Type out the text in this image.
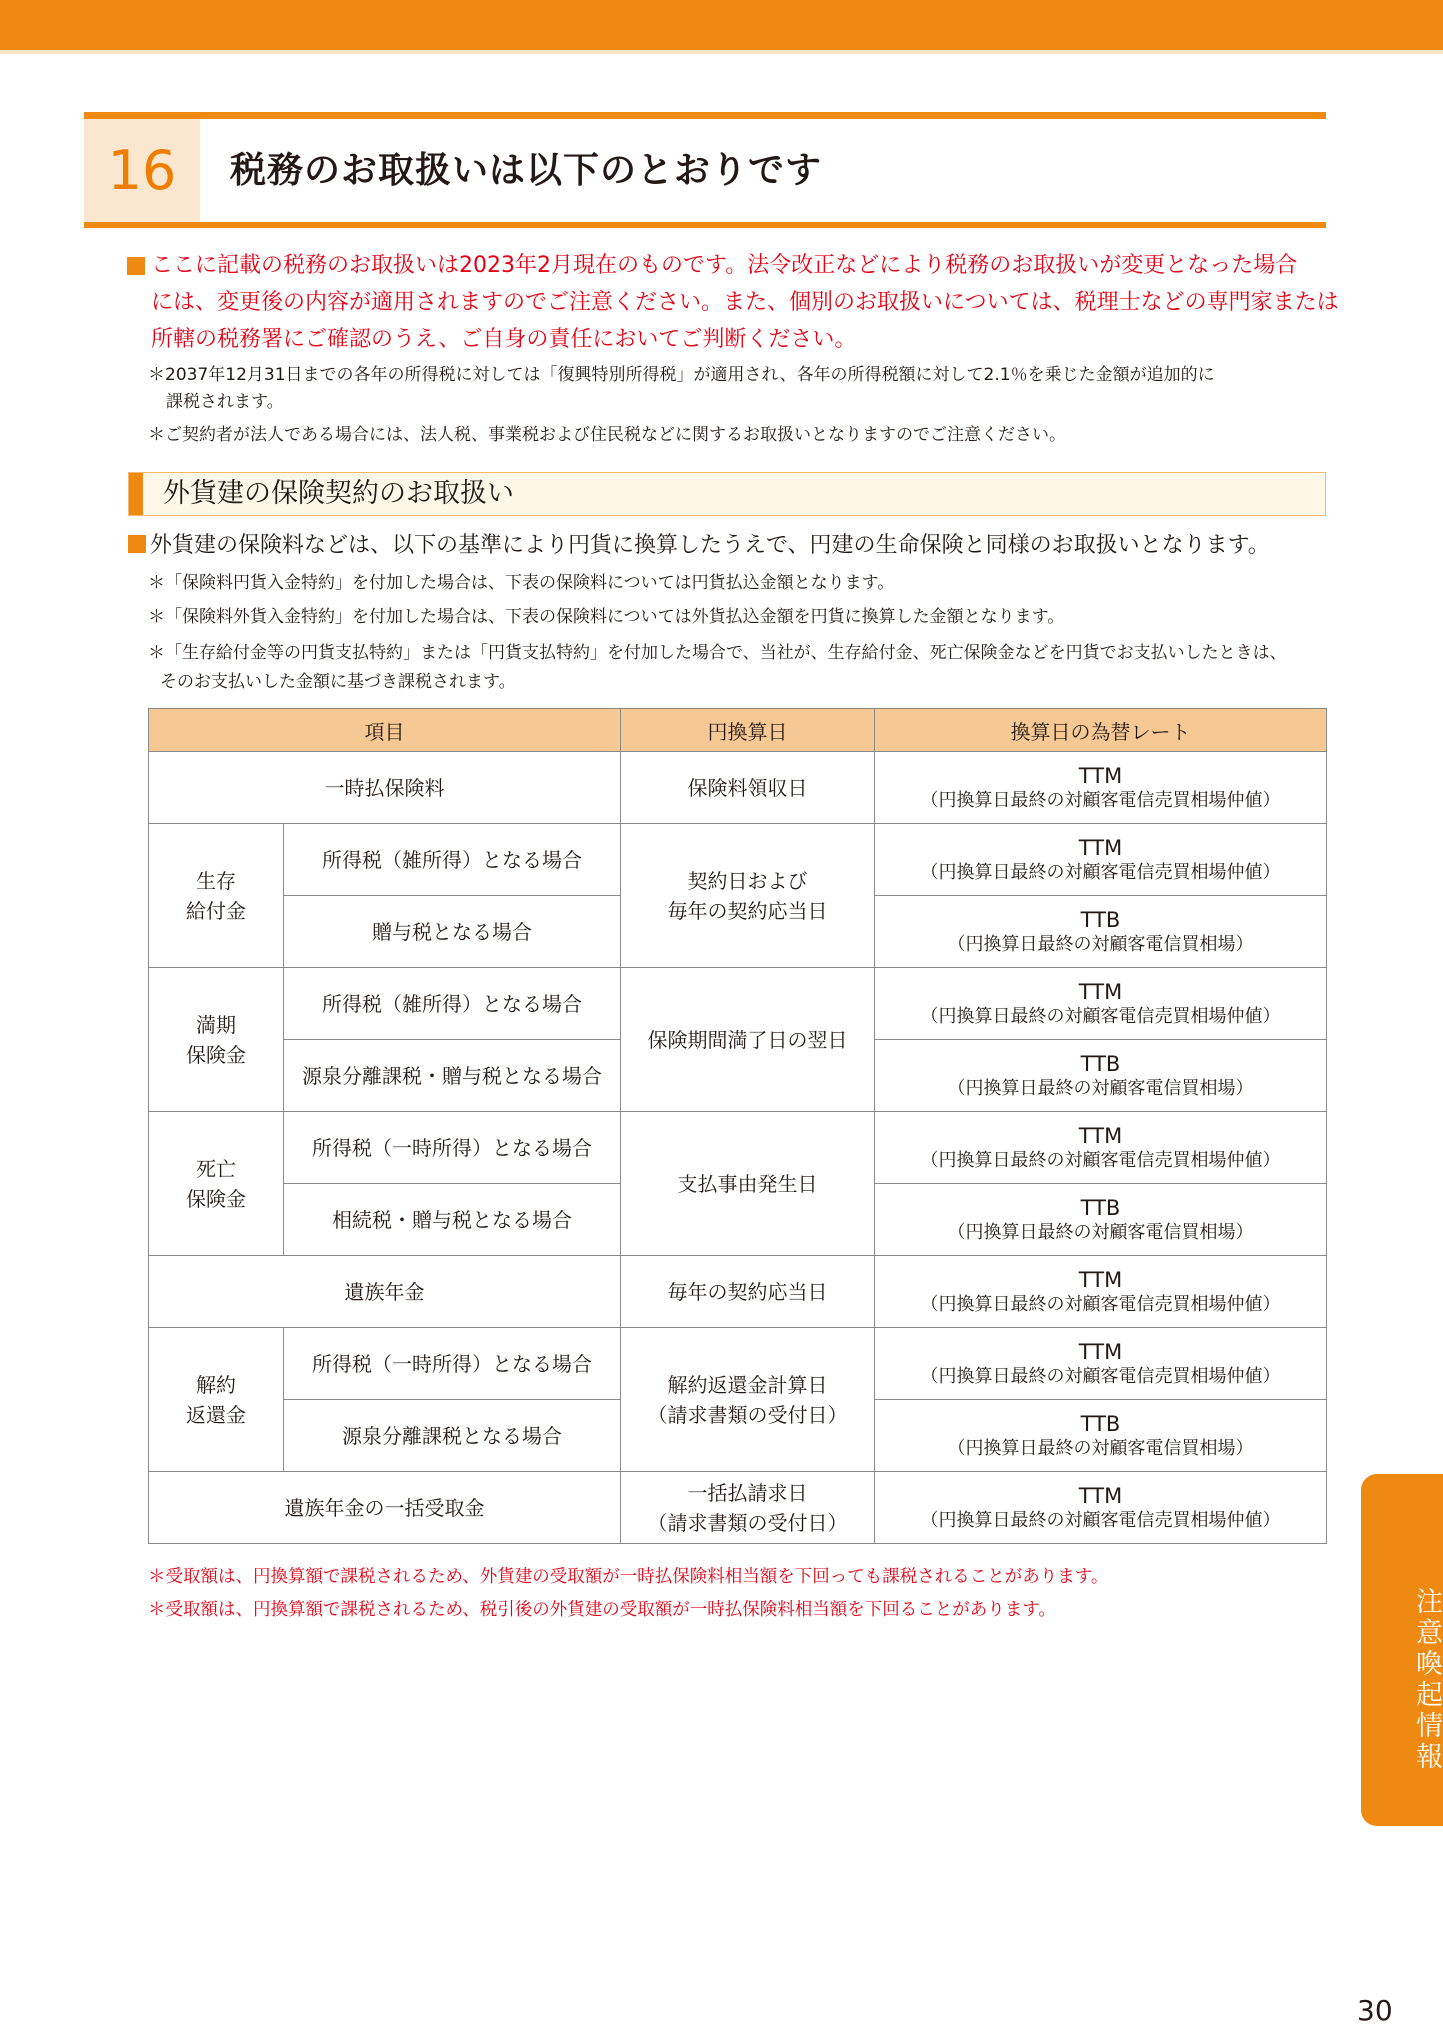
16	税務のお取扱いは以下のとおりです
ここに記載の税務のお取扱いは2023年2月現在のものです。法令改正などにより税務のお取扱いが変更となった場合
には、変更後の内容が適用されますのでご注意ください。また、個別のお取扱いについては、税理士などの専門家または
所轄の税務署にご確認のうえ、ご自身の責任においてご判断ください。
＊2037年12月31日までの各年の所得税に対しては「復興特別所得税」が適用され、各年の所得税額に対して2.1％を乗じた金額が追加的に
課税されます。
＊ご契約者が法人である場合には、法人税、事業税および住民税などに関するお取扱いとなりますのでご注意ください。
外貨建の保険契約のお取扱い
外貨建の保険料などは、以下の基準により円貨に換算したうえで、円建の生命保険と同様のお取扱いとなります。
＊「保険料円貨入金特約」を付加した場合は、下表の保険料については円貨払込金額となります。
＊「保険料外貨入金特約」を付加した場合は、下表の保険料については外貨払込金額を円貨に換算した金額となります。
＊「生存給付金等の円貨支払特約」または「円貨支払特約」を付加した場合で、当社が、生存給付金、死亡保険金などを円貨でお支払いしたときは、
そのお支払いした金額に基づき課税されます。
項目		円換算日	換算日の為替レート
一時払保険料		保険料領収日	TTM
（円換算日最終の対顧客電信売買相場仲値）

生存
給付金	所得税（雑所得）となる場合	契約日および
毎年の契約応当日	TTM
（円換算日最終の対顧客電信売買相場仲値）

	贈与税となる場合		TTB
（円換算日最終の対顧客電信買相場）

満期
保険金	所得税（雑所得）となる場合	保険期間満了日の翌日	TTM
（円換算日最終の対顧客電信売買相場仲値）

	源泉分離課税・贈与税となる場合		TTB
（円換算日最終の対顧客電信買相場）

死亡
保険金	所得税（一時所得）となる場合	支払事由発生日	TTM
（円換算日最終の対顧客電信売買相場仲値）

	相続税・贈与税となる場合		TTB
（円換算日最終の対顧客電信買相場）

遺族年金		毎年の契約応当日	TTM
（円換算日最終の対顧客電信売買相場仲値）

解約
返還金	所得税（一時所得）となる場合	解約返還金計算日
（請求書類の受付日）	TTM
（円換算日最終の対顧客電信売買相場仲値）

	源泉分離課税となる場合		TTB
（円換算日最終の対顧客電信買相場）

遺族年金の一括受取金		一括払請求日
（請求書類の受付日）	TTM
（円換算日最終の対顧客電信売買相場仲値）
＊受取額は、円換算額で課税されるため、外貨建の受取額が一時払保険料相当額を下回っても課税されることがあります。
＊受取額は、円換算額で課税されるため、税引後の外貨建の受取額が一時払保険料相当額を下回ることがあります。	注意喚起情報
30
